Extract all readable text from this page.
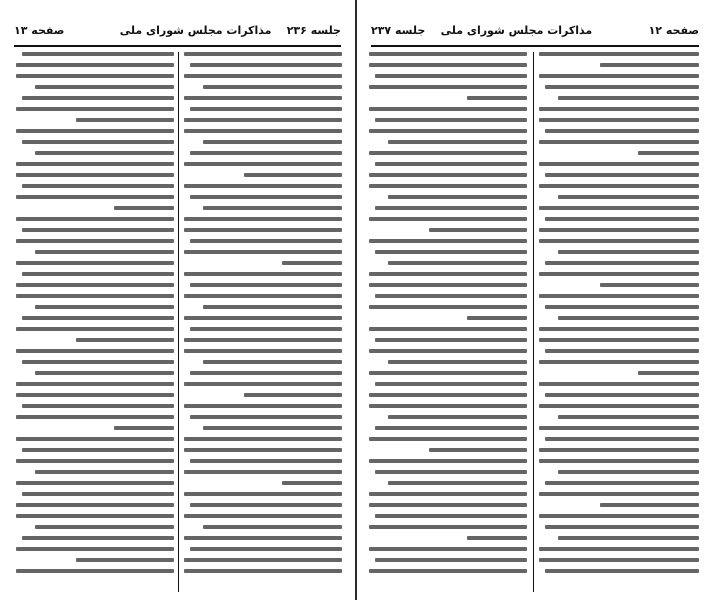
جلسه ۲۳۶    مذاکرات مجلس شورای ملی
صفحه ۱۳	صفحه ۱۲
مذاکرات مجلس شورای ملی    جلسه ۲۳۷
